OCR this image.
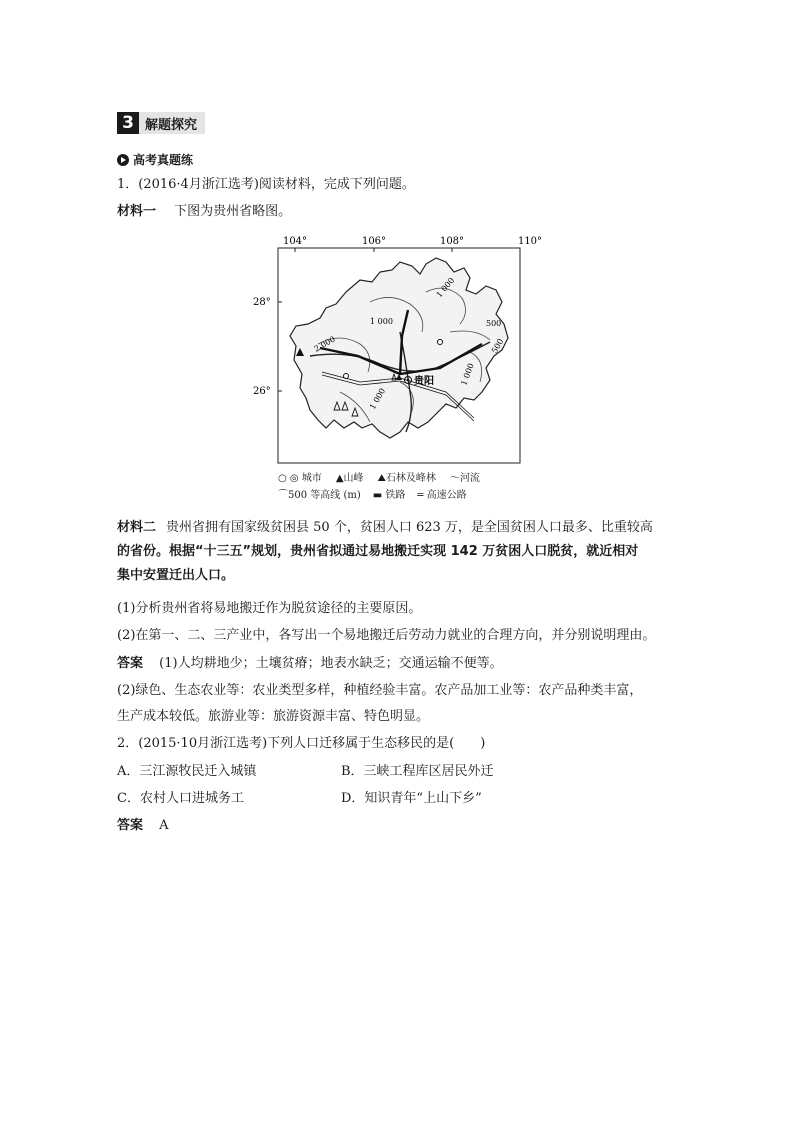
3 解题探究
高考真题练
1．(2016·4月浙江选考)阅读材料，完成下列问题。
材料一 下图为贵州省略图。
104°	106°	108°	110°
28°
26°
1 000
2 000
1 000
500
500
1 000
1 000
贵阳
○ ◎ 城市 ▲山峰 ⛰石林及峰林 〜河流
⌒500 等高线 (m) ▬ 铁路 ═ 高速公路
材料二 贵州省拥有国家级贫困县 50 个，贫困人口 623 万，是全国贫困人口最多、比重较高
的省份。根据“十三五”规划，贵州省拟通过易地搬迁实现 142 万贫困人口脱贫，就近相对
集中安置迁出人口。
(1)分析贵州省将易地搬迁作为脱贫途径的主要原因。
(2)在第一、二、三产业中，各写出一个易地搬迁后劳动力就业的合理方向，并分别说明理由。
答案 (1)人均耕地少；土壤贫瘠；地表水缺乏；交通运输不便等。
(2)绿色、生态农业等：农业类型多样，种植经验丰富。农产品加工业等：农产品种类丰富，
生产成本较低。旅游业等：旅游资源丰富、特色明显。
2．(2015·10月浙江选考)下列人口迁移属于生态移民的是(　　)
A．三江源牧民迁入城镇	B．三峡工程库区居民外迁
C．农村人口进城务工	D．知识青年“上山下乡”
答案 A
